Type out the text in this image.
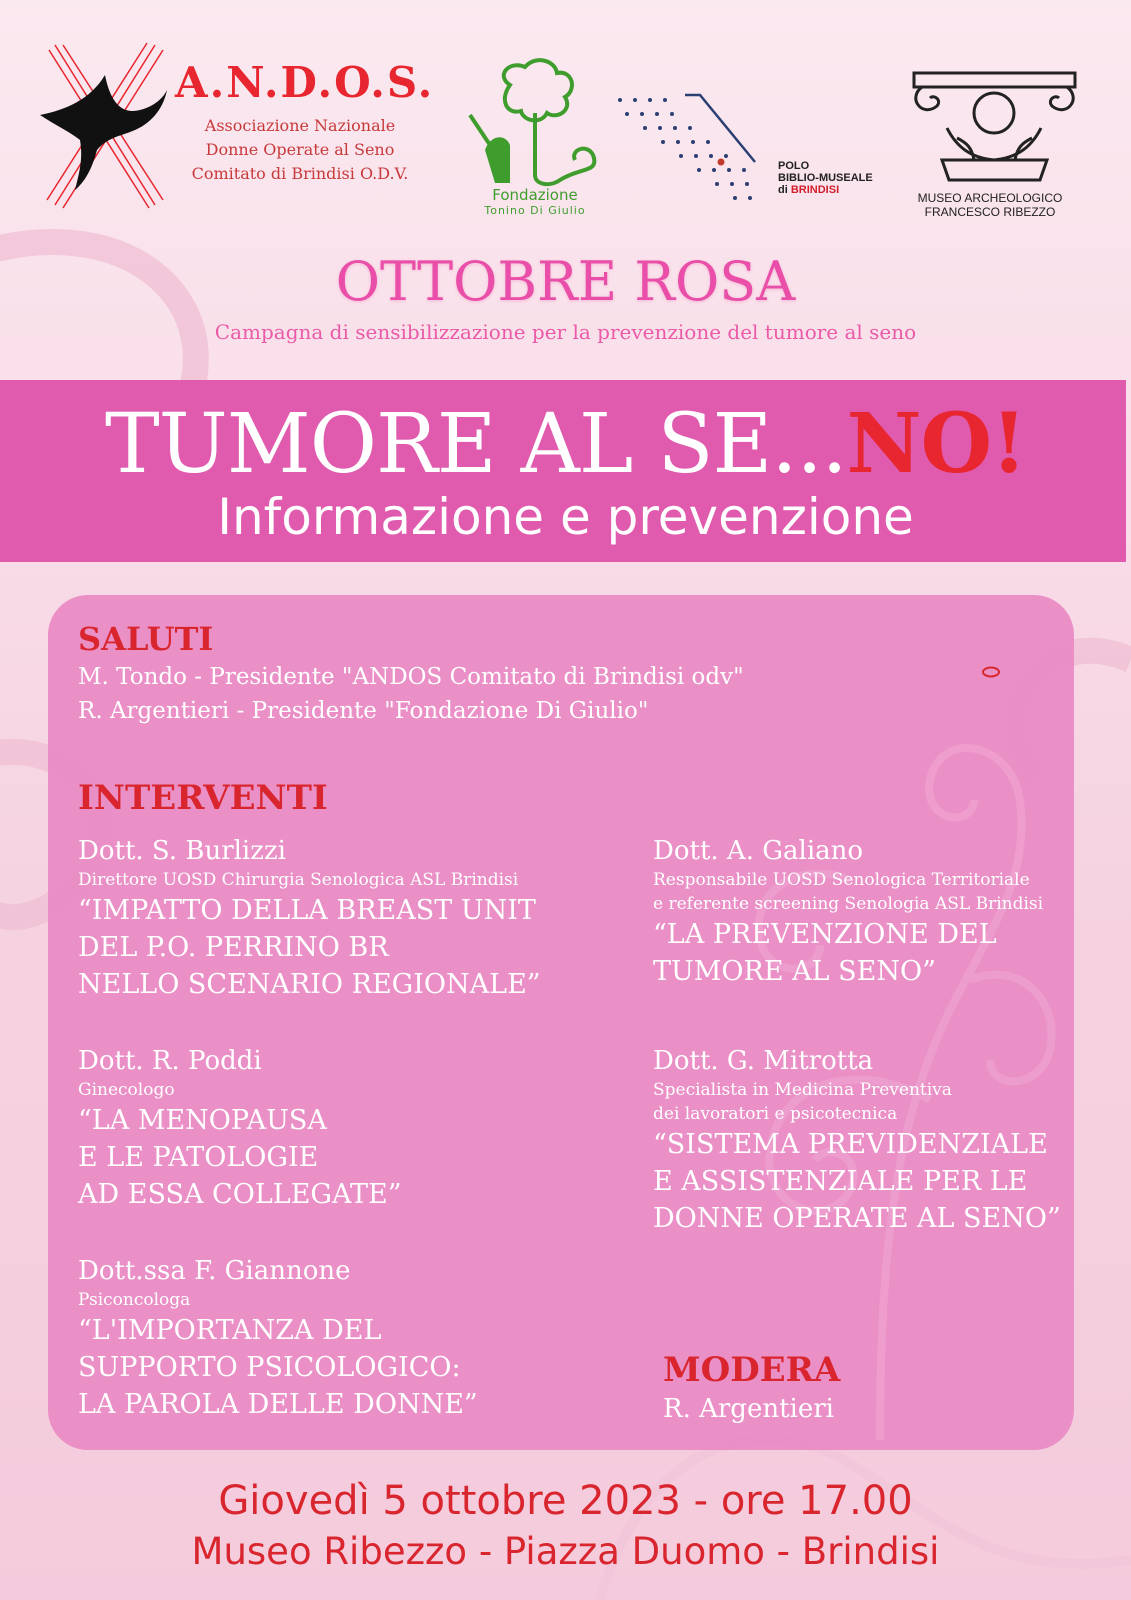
A.N.D.O.S.
Associazione Nazionale
Donne Operate al Seno
Comitato di Brindisi O.D.V.
Fondazione
Tonino Di Giulio
POLO
BIBLIO-MUSEALE
di BRINDISI
MUSEO ARCHEOLOGICO
FRANCESCO RIBEZZO
OTTOBRE ROSA
Campagna di sensibilizzazione per la prevenzione del tumore al seno
TUMORE AL SE...NO!
Informazione e prevenzione
SALUTI
M. Tondo - Presidente "ANDOS Comitato di Brindisi odv"
R. Argentieri - Presidente "Fondazione Di Giulio"
INTERVENTI
Dott. S. Burlizzi
Direttore UOSD Chirurgia Senologica ASL Brindisi
“IMPATTO DELLA BREAST UNIT
DEL P.O. PERRINO BR
NELLO SCENARIO REGIONALE”
Dott. A. Galiano
Responsabile UOSD Senologica Territoriale
e referente screening Senologia ASL Brindisi
“LA PREVENZIONE DEL
TUMORE AL SENO”
Dott. R. Poddi
Ginecologo
“LA MENOPAUSA
E LE PATOLOGIE
AD ESSA COLLEGATE”
Dott. G. Mitrotta
Specialista in Medicina Preventiva
dei lavoratori e psicotecnica
“SISTEMA PREVIDENZIALE
E ASSISTENZIALE PER LE
DONNE OPERATE AL SENO”
Dott.ssa F. Giannone
Psiconcologa
“L'IMPORTANZA DEL
SUPPORTO PSICOLOGICO:
LA PAROLA DELLE DONNE”
MODERA
R. Argentieri
Giovedì 5 ottobre 2023 - ore 17.00
Museo Ribezzo - Piazza Duomo - Brindisi
